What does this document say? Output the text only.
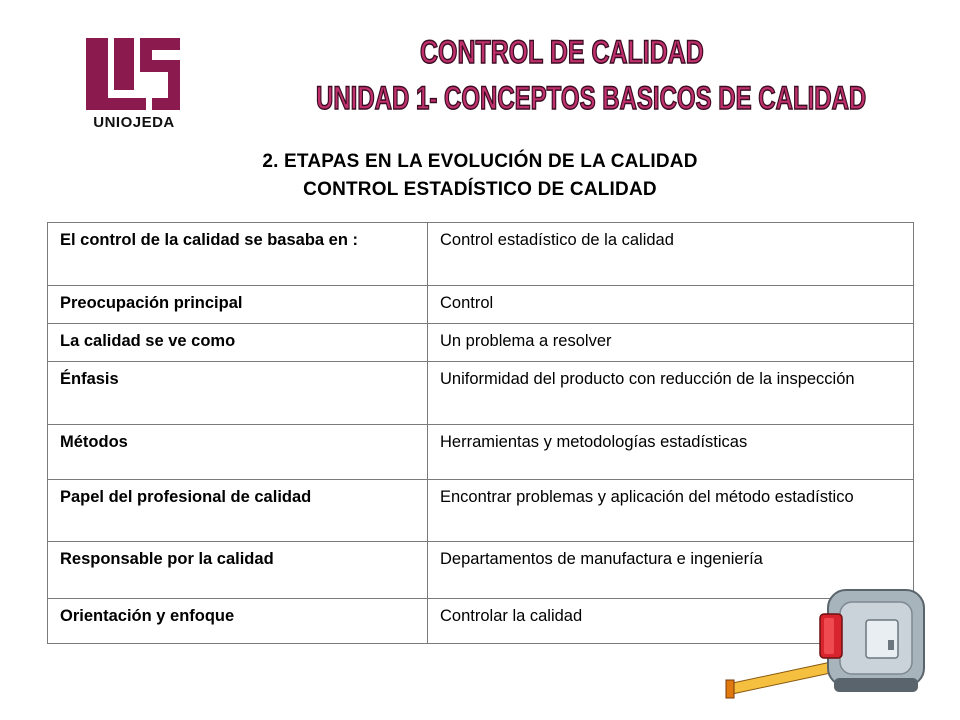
UNIOJEDA
CONTROL DE CALIDAD
UNIDAD 1- CONCEPTOS BASICOS DE CALIDAD
2. ETAPAS EN LA EVOLUCIÓN DE LA CALIDAD
CONTROL ESTADÍSTICO DE CALIDAD
El control de la calidad se basaba en :	Control estadístico de la calidad
Preocupación principal	Control
La calidad se ve como	Un problema a resolver
Énfasis	Uniformidad del producto con reducción de la inspección

Métodos	Herramientas y metodologías estadísticas
Papel del profesional de calidad	Encontrar problemas y aplicación del método estadístico

Responsable por la calidad	Departamentos de manufactura e ingeniería
Orientación y enfoque	Controlar la calidad
